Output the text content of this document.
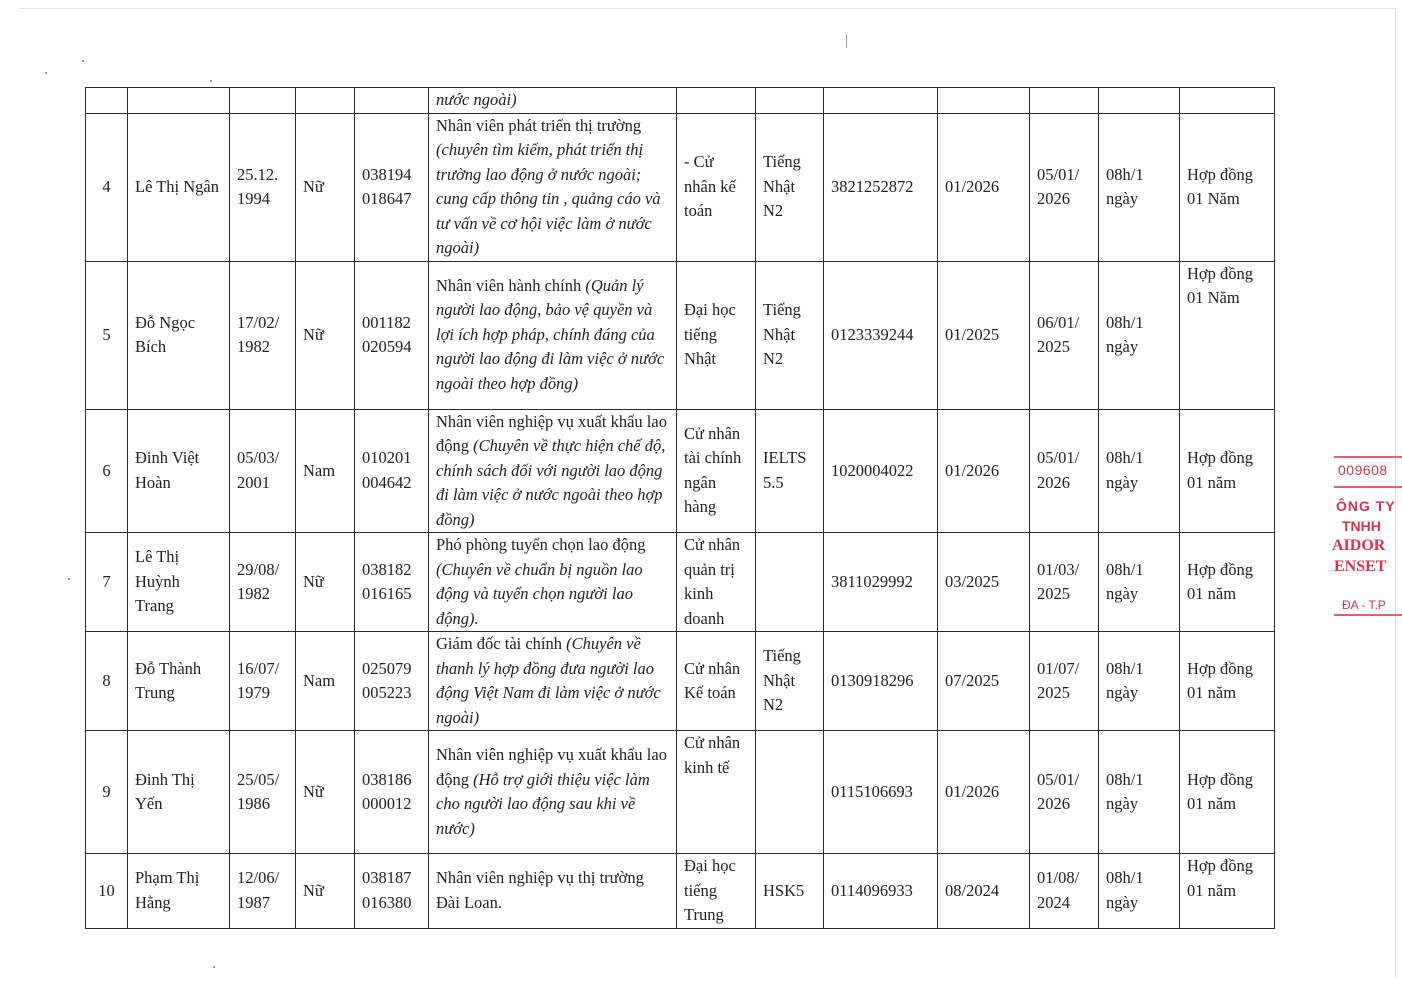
					nước ngoài)							
4	Lê Thị Ngân	25.12. 1994	Nữ	038194 018647	Nhân viên phát triển thị trường (chuyên tìm kiếm, phát triển thị trường lao động ở nước ngoài; cung cấp thông tin , quảng cáo và tư vấn về cơ hội việc làm ở nước ngoài)	- Cử nhân kế toán	Tiếng Nhật N2	3821252872	01/2026	05/01/ 2026	08h/1 ngày	Hợp đồng 01 Năm
5	Đỗ Ngọc Bích	17/02/ 1982	Nữ	001182 020594	Nhân viên hành chính (Quản lý người lao động, bảo vệ quyền và lợi ích hợp pháp, chính đáng của người lao động đi làm việc ở nước ngoài theo hợp đồng)	Đại học tiếng Nhật	Tiếng Nhật N2	0123339244	01/2025	06/01/ 2025	08h/1 ngày	Hợp đồng 01 Năm
6	Đinh Việt Hoàn	05/03/ 2001	Nam	010201 004642	Nhân viên nghiệp vụ xuất khẩu lao động (Chuyên về thực hiện chế độ, chính sách đối với người lao động đi làm việc ở nước ngoài theo hợp đồng)	Cử nhân tài chính ngân hàng	IELTS 5.5	1020004022	01/2026	05/01/ 2026	08h/1 ngày	Hợp đồng 01 năm
7	Lê Thị Huỳnh Trang	29/08/ 1982	Nữ	038182 016165	Phó phòng tuyển chọn lao động (Chuyên về chuẩn bị nguồn lao động và tuyển chọn người lao động).	Cử nhân quản trị kinh doanh		3811029992	03/2025	01/03/ 2025	08h/1 ngày	Hợp đồng 01 năm
8	Đỗ Thành Trung	16/07/ 1979	Nam	025079 005223	Giám đốc tài chính (Chuyên về thanh lý hợp đồng đưa người lao động Việt Nam đi làm việc ở nước ngoài)	Cử nhân Kế toán	Tiếng Nhật N2	0130918296	07/2025	01/07/ 2025	08h/1 ngày	Hợp đồng 01 năm
9	Đinh Thị Yến	25/05/ 1986	Nữ	038186 000012	Nhân viên nghiệp vụ xuất khẩu lao động (Hỗ trợ giới thiệu việc làm cho người lao động sau khi về nước)	Cử nhân kinh tế		0115106693	01/2026	05/01/ 2026	08h/1 ngày	Hợp đồng 01 năm
10	Phạm Thị Hằng	12/06/ 1987	Nữ	038187 016380	Nhân viên nghiệp vụ thị trường Đài Loan.	Đại học tiếng Trung	HSK5	0114096933	08/2024	01/08/ 2024	08h/1 ngày	Hợp đồng 01 năm
009608
ÔNG TY
TNHH
AIDOR
ENSET
ĐA - T.P
